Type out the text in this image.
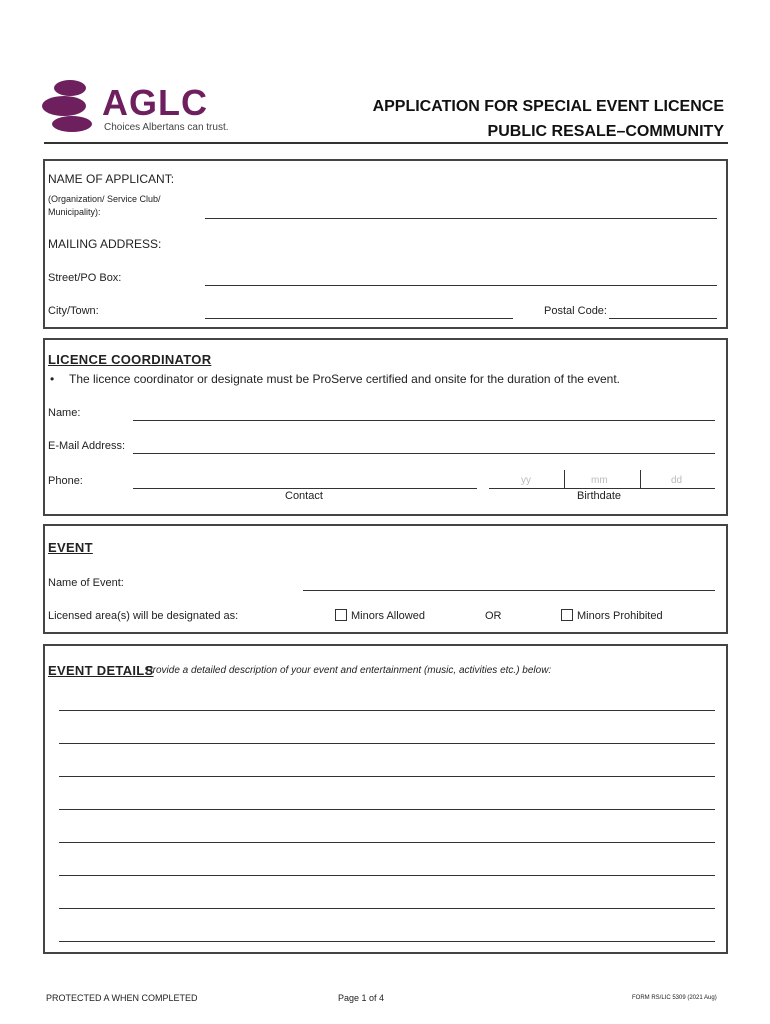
AGLC
Choices Albertans can trust.
APPLICATION FOR SPECIAL EVENT LICENCE
PUBLIC RESALE–COMMUNITY
NAME OF APPLICANT:
(Organization/ Service Club/
Municipality):
MAILING ADDRESS:
Street/PO Box:
City/Town:	Postal Code:
LICENCE COORDINATOR
• The licence coordinator or designate must be ProServe certified and onsite for the duration of the event.
Name:
E-Mail Address:
Phone:
Contact
yy	mm	dd
Birthdate
EVENT
Name of Event:
Licensed area(s) will be designated as:	Minors Allowed	OR	Minors Prohibited
EVENT DETAILS
Provide a detailed description of your event and entertainment (music, activities etc.) below:
PROTECTED A WHEN COMPLETED	Page 1 of 4	FORM RS/LIC 5309 (2021 Aug)
